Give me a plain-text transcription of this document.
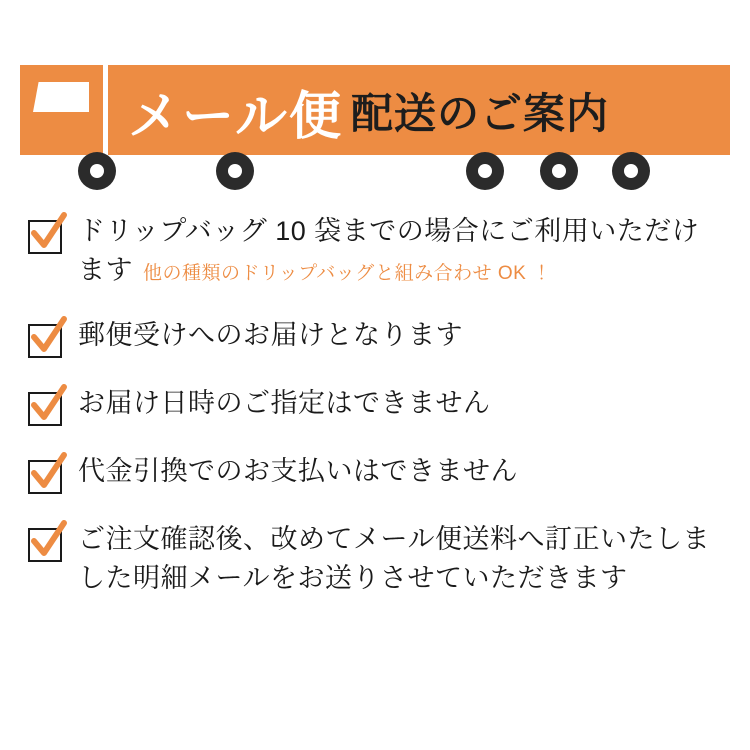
メール便 配送のご案内
ドリップバッグ 10 袋までの場合にご利用いただけます 他の種類のドリップバッグと組み合わせ OK ！
郵便受けへのお届けとなります
お届け日時のご指定はできません
代金引換でのお支払いはできません
ご注文確認後、改めてメール便送料へ訂正いたしました明細メールをお送りさせていただきます
